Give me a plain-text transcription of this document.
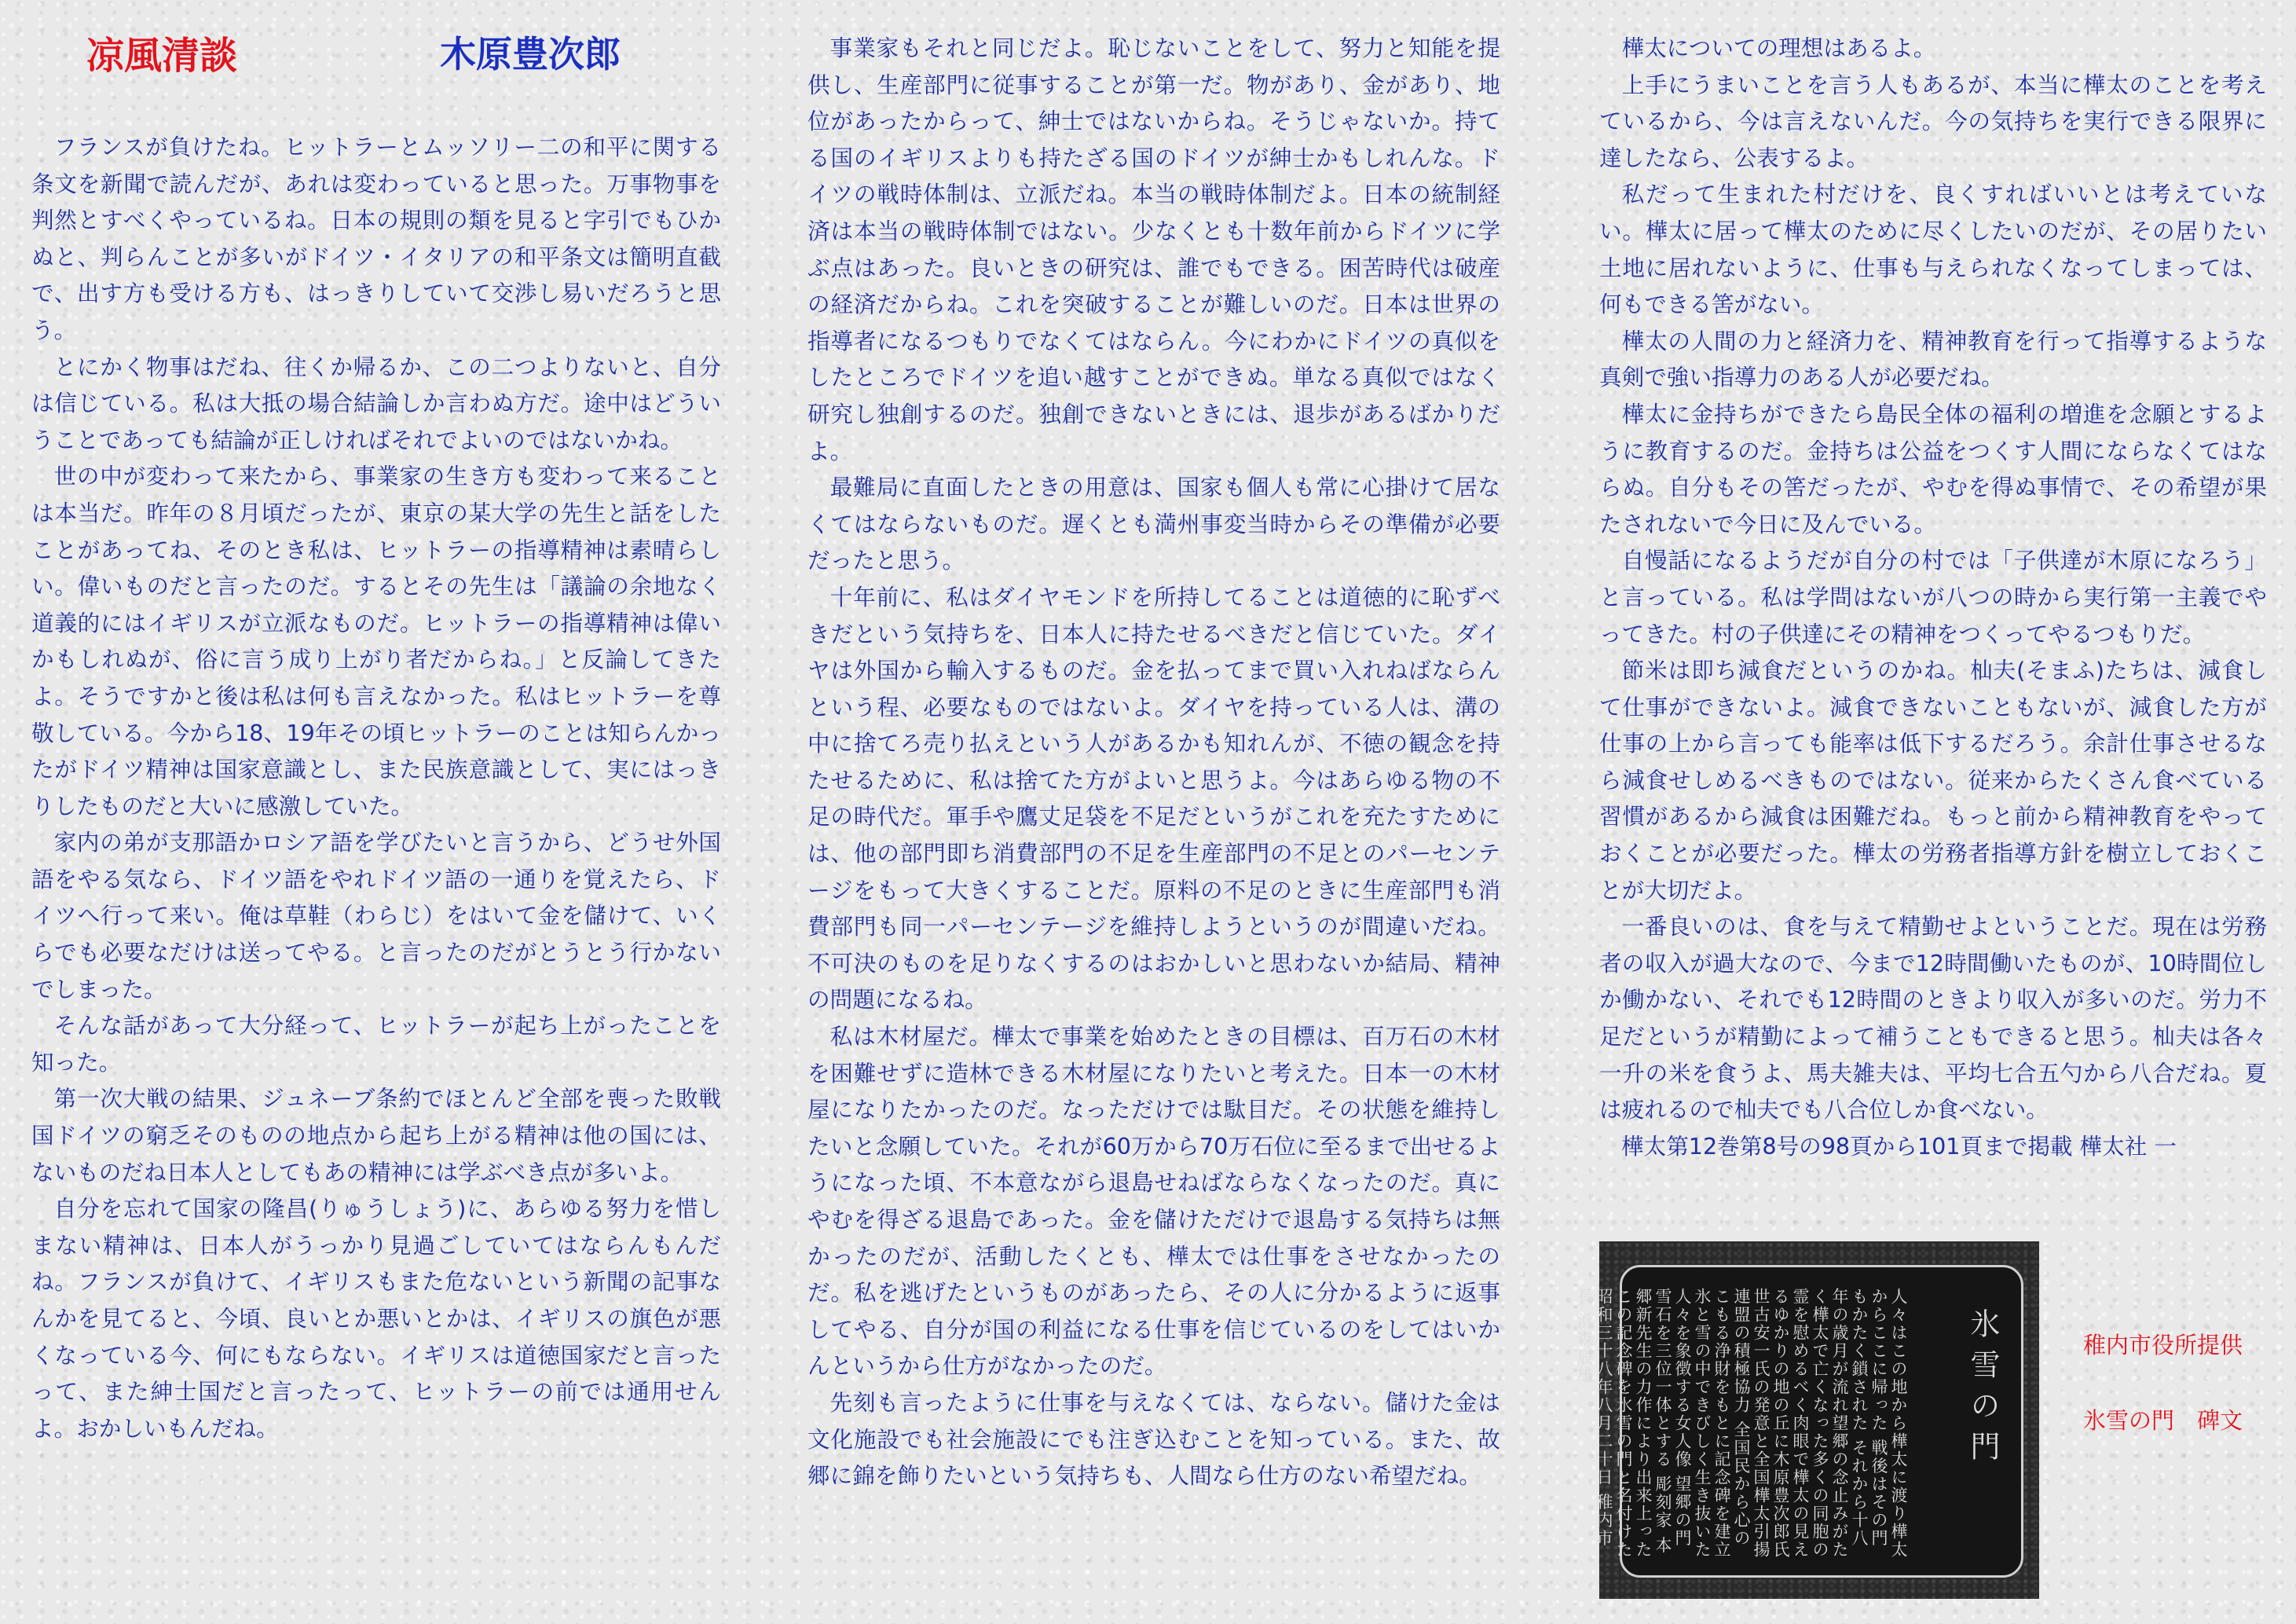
凉風清談	木原豊次郎

フランスが負けたね。ヒットラーとムッソリー二の和平に関する条文を新聞で読んだが、あれは変わっていると思った。万事物事を判然とすべくやっているね。日本の規則の類を見ると字引でもひかぬと、判らんことが多いがドイツ・イタリアの和平条文は簡明直截で、出す方も受ける方も、はっきりしていて交渉し易いだろうと思う。

とにかく物事はだね、往くか帰るか、この二つよりないと、自分は信じている。私は大抵の場合結論しか言わぬ方だ。途中はどういうことであっても結論が正しければそれでよいのではないかね。

世の中が変わって来たから、事業家の生き方も変わって来ることは本当だ。昨年の８月頃だったが、東京の某大学の先生と話をしたことがあってね、そのとき私は、ヒットラーの指導精神は素晴らしい。偉いものだと言ったのだ。するとその先生は「議論の余地なく道義的にはイギリスが立派なものだ。ヒットラーの指導精神は偉いかもしれぬが、俗に言う成り上がり者だからね。」と反論してきたよ。そうですかと後は私は何も言えなかった。私はヒットラーを尊敬している。今から18、19年その頃ヒットラーのことは知らんかったがドイツ精神は国家意識とし、また民族意識として、実にはっきりしたものだと大いに感激していた。

家内の弟が支那語かロシア語を学びたいと言うから、どうせ外国語をやる気なら、ドイツ語をやれドイツ語の一通りを覚えたら、ドイツへ行って来い。俺は草鞋（わらじ）をはいて金を儲けて、いくらでも必要なだけは送ってやる。と言ったのだがとうとう行かないでしまった。

そんな話があって大分経って、ヒットラーが起ち上がったことを知った。

第一次大戦の結果、ジュネーブ条約でほとんど全部を喪った敗戦国ドイツの窮乏そのものの地点から起ち上がる精神は他の国には、ないものだね日本人としてもあの精神には学ぶべき点が多いよ。

自分を忘れて国家の隆昌(りゅうしょう)に、あらゆる努力を惜しまない精神は、日本人がうっかり見過ごしていてはならんもんだね。フランスが負けて、イギリスもまた危ないという新聞の記事なんかを見てると、今頃、良いとか悪いとかは、イギリスの旗色が悪くなっている今、何にもならない。イギリスは道徳国家だと言ったって、また紳士国だと言ったって、ヒットラーの前では通用せんよ。おかしいもんだね。

事業家もそれと同じだよ。恥じないことをして、努力と知能を提供し、生産部門に従事することが第一だ。物があり、金があり、地位があったからって、紳士ではないからね。そうじゃないか。持てる国のイギリスよりも持たざる国のドイツが紳士かもしれんな。ドイツの戦時体制は、立派だね。本当の戦時体制だよ。日本の統制経済は本当の戦時体制ではない。少なくとも十数年前からドイツに学ぶ点はあった。良いときの研究は、誰でもできる。困苦時代は破産の経済だからね。これを突破することが難しいのだ。日本は世界の指導者になるつもりでなくてはならん。今にわかにドイツの真似をしたところでドイツを追い越すことができぬ。単なる真似ではなく研究し独創するのだ。独創できないときには、退歩があるばかりだよ。

最難局に直面したときの用意は、国家も個人も常に心掛けて居なくてはならないものだ。遅くとも満州事変当時からその準備が必要だったと思う。

十年前に、私はダイヤモンドを所持してることは道徳的に恥ずべきだという気持ちを、日本人に持たせるべきだと信じていた。ダイヤは外国から輸入するものだ。金を払ってまで買い入れねばならんという程、必要なものではないよ。ダイヤを持っている人は、溝の中に捨てろ売り払えという人があるかも知れんが、不徳の観念を持たせるために、私は捨てた方がよいと思うよ。今はあらゆる物の不足の時代だ。軍手や鷹丈足袋を不足だというがこれを充たすためには、他の部門即ち消費部門の不足を生産部門の不足とのパーセンテージをもって大きくすることだ。原料の不足のときに生産部門も消費部門も同一パーセンテージを維持しようというのが間違いだね。不可決のものを足りなくするのはおかしいと思わないか結局、精神の問題になるね。

私は木材屋だ。樺太で事業を始めたときの目標は、百万石の木材を困難せずに造林できる木材屋になりたいと考えた。日本一の木材屋になりたかったのだ。なっただけでは駄目だ。その状態を維持したいと念願していた。それが60万から70万石位に至るまで出せるようになった頃、不本意ながら退島せねばならなくなったのだ。真にやむを得ざる退島であった。金を儲けただけで退島する気持ちは無かったのだが、活動したくとも、樺太では仕事をさせなかったのだ。私を逃げたというものがあったら、その人に分かるように返事してやる、自分が国の利益になる仕事を信じているのをしてはいかんというから仕方がなかったのだ。

先刻も言ったように仕事を与えなくては、ならない。儲けた金は文化施設でも社会施設にでも注ぎ込むことを知っている。また、故郷に錦を飾りたいという気持ちも、人間なら仕方のない希望だね。

樺太についての理想はあるよ。

上手にうまいことを言う人もあるが、本当に樺太のことを考えているから、今は言えないんだ。今の気持ちを実行できる限界に達したなら、公表するよ。

私だって生まれた村だけを、良くすればいいとは考えていない。樺太に居って樺太のために尽くしたいのだが、その居りたい土地に居れないように、仕事も与えられなくなってしまっては、何もできる筈がない。

樺太の人間の力と経済力を、精神教育を行って指導するような真剣で強い指導力のある人が必要だね。

樺太に金持ちができたら島民全体の福利の増進を念願とするように教育するのだ。金持ちは公益をつくす人間にならなくてはならぬ。自分もその筈だったが、やむを得ぬ事情で、その希望が果たされないで今日に及んでいる。

自慢話になるようだが自分の村では「子供達が木原になろう」と言っている。私は学問はないが八つの時から実行第一主義でやってきた。村の子供達にその精神をつくってやるつもりだ。

節米は即ち減食だというのかね。杣夫(そまふ)たちは、減食して仕事ができないよ。減食できないこともないが、減食した方が仕事の上から言っても能率は低下するだろう。余計仕事させるなら減食せしめるべきものではない。従来からたくさん食べている習慣があるから減食は困難だね。もっと前から精神教育をやっておくことが必要だった。樺太の労務者指導方針を樹立しておくことが大切だよ。

一番良いのは、食を与えて精勤せよということだ。現在は労務者の収入が過大なので、今まで12時間働いたものが、10時間位しか働かない、それでも12時間のときより収入が多いのだ。労力不足だというが精勤によって補うこともできると思う。杣夫は各々一升の米を食うよ、馬夫雑夫は、平均七合五勺から八合だね。夏は疲れるので杣夫でも八合位しか食べない。

樺太第12巻第8号の98頁から101頁まで掲載 樺太社 一

氷雪の門
人々はこの地から樺太に渡り樺太からここに帰った 戦後はその門もかたく鎖された それから十八年の歳月が流れ望郷の念止みがたく樺太で亡くなった多くの同胞の霊を慰めるべく肉眼で樺太の見えるゆかりの地の丘に木原豊次郎氏 世古安一氏の発意と全国樺太引揚連盟の積極協力 全国民から心のこもる浄財をもとに記念碑を建立 氷と雪の中できびしく生き抜いた人々を象徴する女人像 望郷の門 雪石を三位一体とする 彫刻家 本郷新先生の力作により出来上った この記念碑を氷雪の門と名付けた 昭和三十八年八月二十日 稚内市長 浜森辰雄	稚内市役所提供
氷雪の門　碑文
